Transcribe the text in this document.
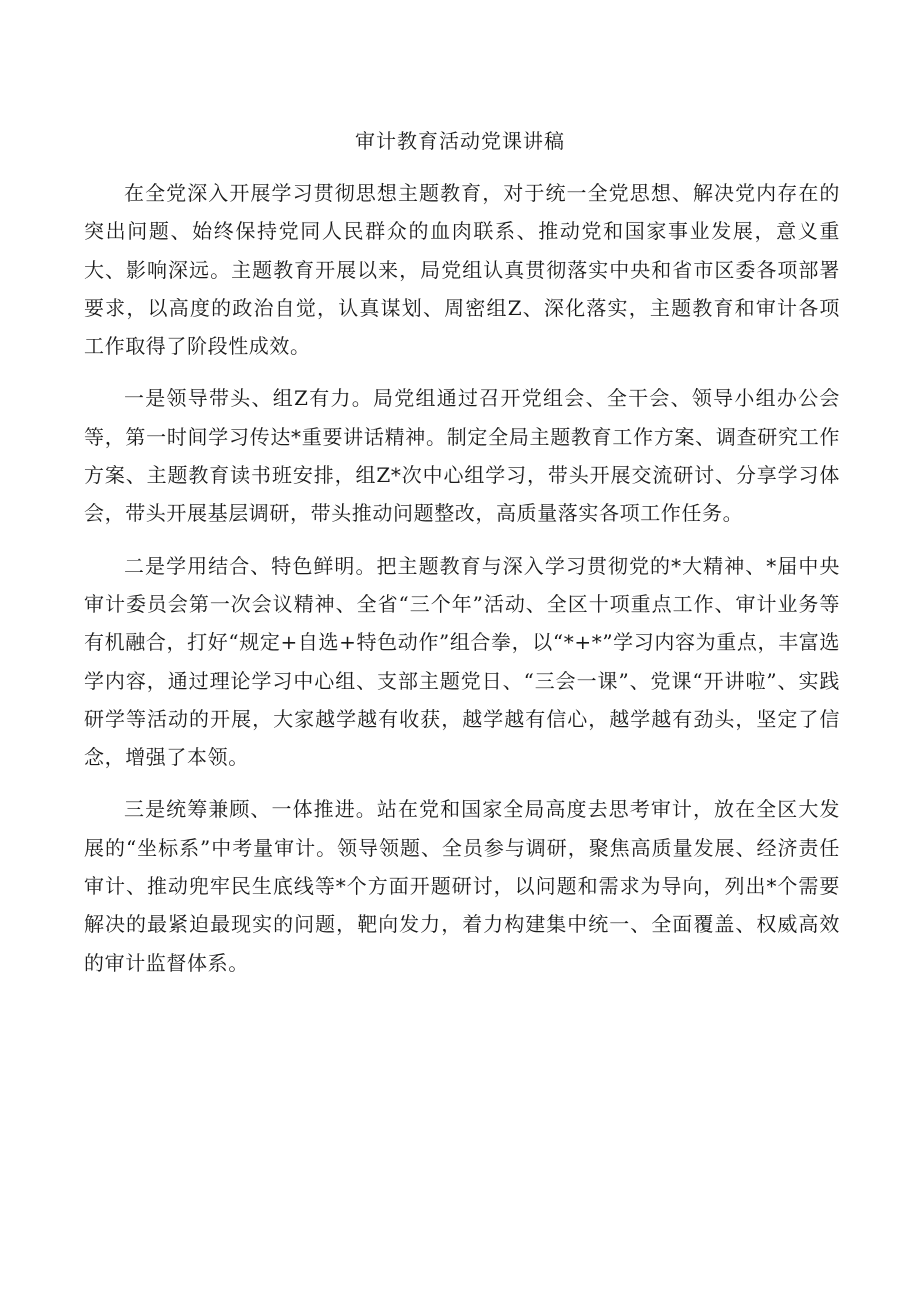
审计教育活动党课讲稿

在全党深入开展学习贯彻思想主题教育，对于统一全党思想、解决党内存在的突出问题、始终保持党同人民群众的血肉联系、推动党和国家事业发展，意义重大、影响深远。主题教育开展以来，局党组认真贯彻落实中央和省市区委各项部署要求，以高度的政治自觉，认真谋划、周密组Z、深化落实，主题教育和审计各项工作取得了阶段性成效。

一是领导带头、组Z有力。局党组通过召开党组会、全干会、领导小组办公会等，第一时间学习传达*重要讲话精神。制定全局主题教育工作方案、调查研究工作方案、主题教育读书班安排，组Z*次中心组学习，带头开展交流研讨、分享学习体会，带头开展基层调研，带头推动问题整改，高质量落实各项工作任务。

二是学用结合、特色鲜明。把主题教育与深入学习贯彻党的*大精神、*届中央审计委员会第一次会议精神、全省“三个年”活动、全区十项重点工作、审计业务等有机融合，打好“规定+自选+特色动作”组合拳，以“*+*”学习内容为重点，丰富选学内容，通过理论学习中心组、支部主题党日、“三会一课”、党课“开讲啦”、实践研学等活动的开展，大家越学越有收获，越学越有信心，越学越有劲头，坚定了信念，增强了本领。

三是统筹兼顾、一体推进。站在党和国家全局高度去思考审计，放在全区大发展的“坐标系”中考量审计。领导领题、全员参与调研，聚焦高质量发展、经济责任审计、推动兜牢民生底线等*个方面开题研讨，以问题和需求为导向，列出*个需要解决的最紧迫最现实的问题，靶向发力，着力构建集中统一、全面覆盖、权威高效的审计监督体系。
